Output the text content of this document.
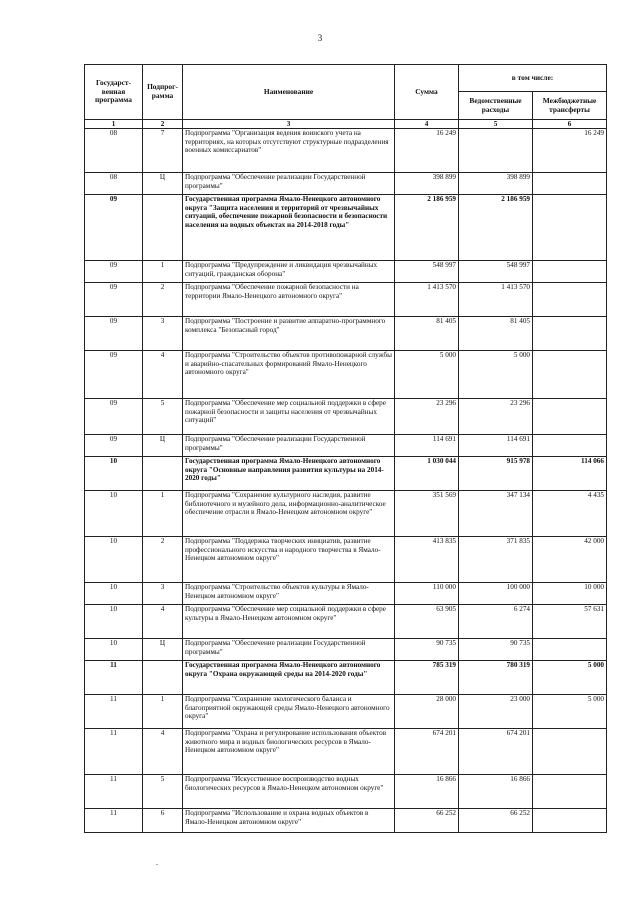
3
Государст-венная программа	Подпрог-рамма	Наименование	Сумма	в том числе:	
				Ведомственные расходы	Межбюджетные трансферты
1	2	3	4	5	6
08	7	Подпрограмма "Организация ведения воинского учета на территориях, на которых отсутствуют структурные подразделения военных комиссариатов"	16 249		16 249
08	Ц	Подпрограмма "Обеспечение реализации Государственной программы"	398 899	398 899	
09		Государственная программа Ямало-Ненецкого автономного округа "Защита населения и территорий от чрезвычайных ситуаций, обеспечение пожарной безопасности и безопасности населения на водных объектах на 2014-2018 годы"	2 186 959	2 186 959	
09	1	Подпрограмма "Предупреждение и ликвидация чрезвычайных ситуаций, гражданская оборона"	548 997	548 997	
09	2	Подпрограмма "Обеспечение пожарной безопасности на территории Ямало-Ненецкого автономного округа"	1 413 570	1 413 570	
09	3	Подпрограмма "Построение и развитие аппаратно-программного комплекса "Безопасный город"	81 405	81 405	
09	4	Подпрограмма "Строительство объектов противопожарной службы и аварийно-спасательных формирований Ямало-Ненецкого автономного округа"	5 000	5 000	
09	5	Подпрограмма "Обеспечение мер социальной поддержки в сфере пожарной безопасности и защиты населения от чрезвычайных ситуаций"	23 296	23 296	
09	Ц	Подпрограмма "Обеспечение реализации Государственной программы"	114 691	114 691	
10		Государственная программа Ямало-Ненецкого автономного округа "Основные направления развития культуры на 2014-2020 годы"	1 030 044	915 978	114 066
10	1	Подпрограмма "Сохранение культурного наследия, развитие библиотечного и музейного дела, информационно-аналитическое обеспечение отрасли в Ямало-Ненецком автономном округе"	351 569	347 134	4 435
10	2	Подпрограмма "Поддержка творческих инициатив, развитие профессионального искусства и народного творчества в Ямало-Ненецком автономном округе"	413 835	371 835	42 000
10	3	Подпрограмма "Строительство объектов культуры в Ямало-Ненецком автономном округе"	110 000	100 000	10 000
10	4	Подпрограмма "Обеспечение мер социальной поддержки в сфере культуры в Ямало-Ненецком автономном округе"	63 905	6 274	57 631
10	Ц	Подпрограмма "Обеспечение реализации Государственной программы"	90 735	90 735	
11		Государственная программа Ямало-Ненецкого автономного округа "Охрана окружающей среды на 2014-2020 годы"	785 319	780 319	5 000
11	1	Подпрограмма "Сохранение экологического баланса и благоприятной окружающей среды Ямало-Ненецкого автономного округа"	28 000	23 000	5 000
11	4	Подпрограмма "Охрана и регулирование использования объектов животного мира и водных биологических ресурсов в Ямало-Ненецком автономном округе"	674 201	674 201	
11	5	Подпрограмма "Искусственное воспроизводство водных биологических ресурсов в Ямало-Ненецком автономном округе"	16 866	16 866	
11	6	Подпрограмма "Использование и охрана водных объектов в Ямало-Ненецком автономном округе"	66 252	66 252	
.
